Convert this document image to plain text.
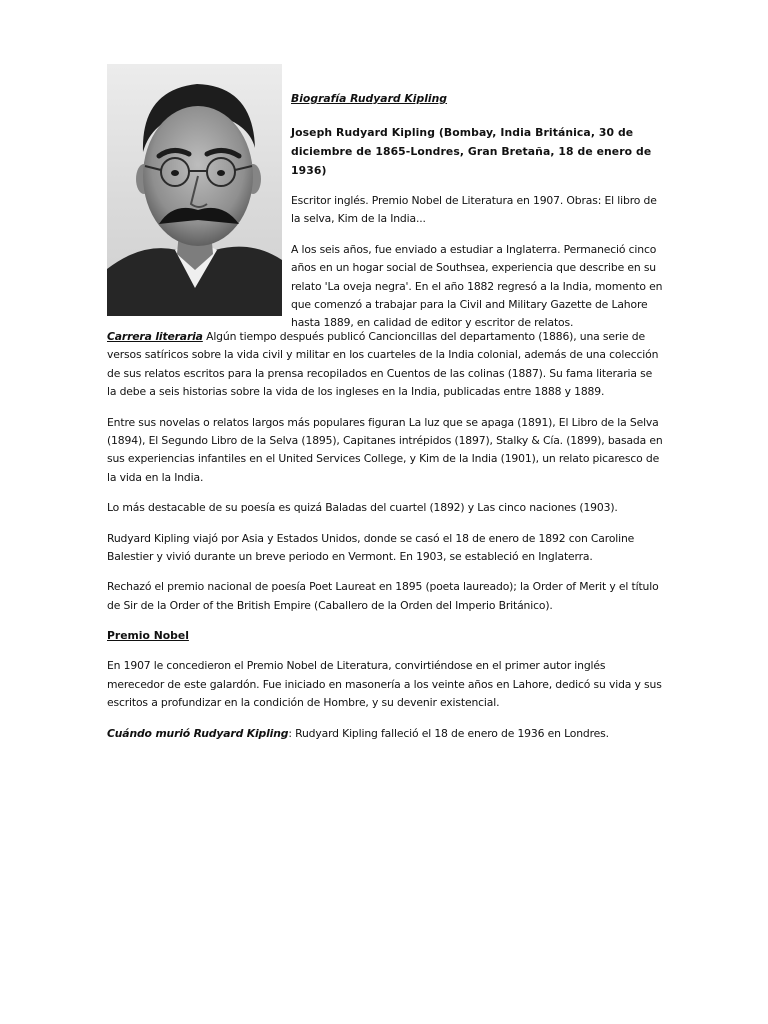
Biografía Rudyard Kipling

Joseph Rudyard Kipling (Bombay, India Británica, 30 de diciembre de 1865-Londres, Gran Bretaña, 18 de enero de 1936)

Escritor inglés. Premio Nobel de Literatura en 1907. Obras: El libro de la selva, Kim de la India...

A los seis años, fue enviado a estudiar a Inglaterra. Permaneció cinco años en un hogar social de Southsea, experiencia que describe en su relato 'La oveja negra'. En el año 1882 regresó a la India, momento en que comenzó a trabajar para la Civil and Military Gazette de Lahore hasta 1889, en calidad de editor y escritor de relatos.

Carrera literaria Algún tiempo después publicó Cancioncillas del departamento (1886), una serie de versos satíricos sobre la vida civil y militar en los cuarteles de la India colonial, además de una colección de sus relatos escritos para la prensa recopilados en Cuentos de las colinas (1887). Su fama literaria se la debe a seis historias sobre la vida de los ingleses en la India, publicadas entre 1888 y 1889.

Entre sus novelas o relatos largos más populares figuran La luz que se apaga (1891), El Libro de la Selva (1894), El Segundo Libro de la Selva (1895), Capitanes intrépidos (1897), Stalky & Cía. (1899), basada en sus experiencias infantiles en el United Services College, y Kim de la India (1901), un relato picaresco de la vida en la India.

Lo más destacable de su poesía es quizá Baladas del cuartel (1892) y Las cinco naciones (1903).

Rudyard Kipling viajó por Asia y Estados Unidos, donde se casó el 18 de enero de 1892 con Caroline Balestier y vivió durante un breve periodo en Vermont. En 1903, se estableció en Inglaterra.

Rechazó el premio nacional de poesía Poet Laureat en 1895 (poeta laureado); la Order of Merit y el título de Sir de la Order of the British Empire (Caballero de la Orden del Imperio Británico).

Premio Nobel

En 1907 le concedieron el Premio Nobel de Literatura, convirtiéndose en el primer autor inglés merecedor de este galardón. Fue iniciado en masonería a los veinte años en Lahore, dedicó su vida y sus escritos a profundizar en la condición de Hombre, y su devenir existencial.

Cuándo murió Rudyard Kipling: Rudyard Kipling falleció el 18 de enero de 1936 en Londres.
